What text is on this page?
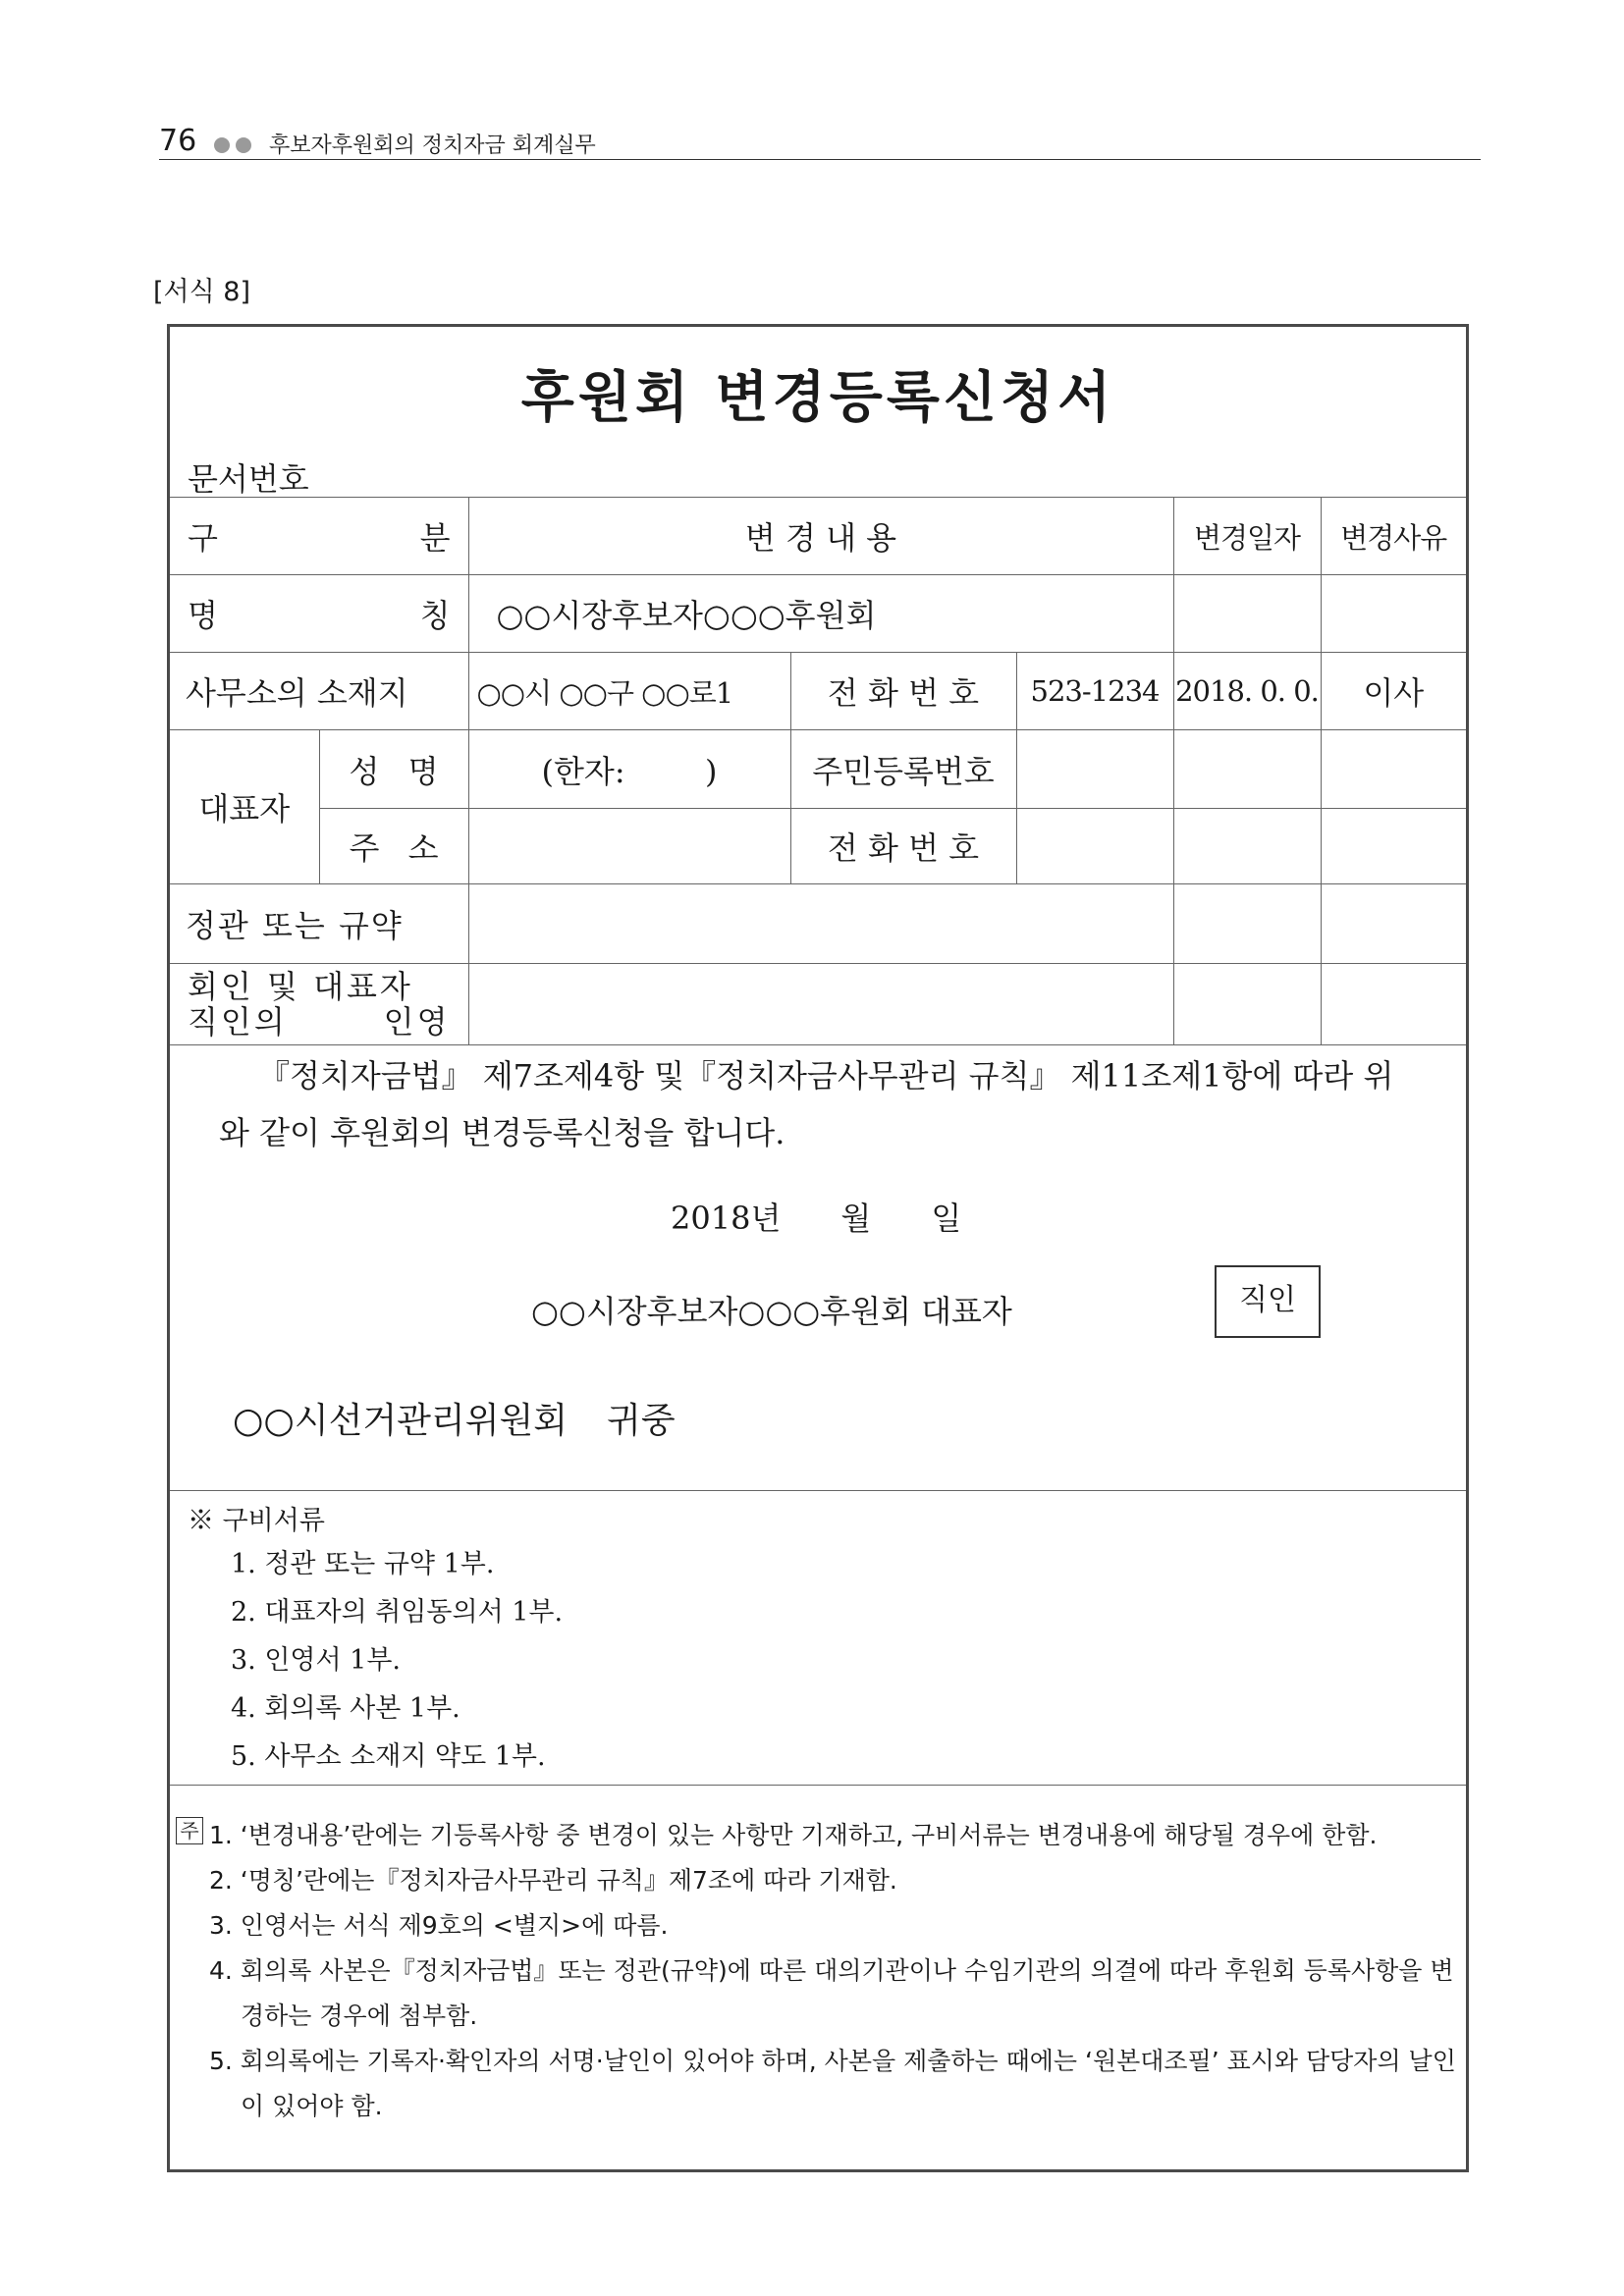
76	후보자후원회의 정치자금 회계실무
[서식 8]
후원회 변경등록신청서
문서번호
구 분		변 경 내 용			변경일자	변경사유

명 칭		○○시장후보자○○○후원회				
사무소의 소재지		○○시 ○○구 ○○로1	전 화 번 호	523-1234	2018. 0. 0.	이사
대표자	성 명	(한자:        )	주민등록번호			

	주 소		전 화 번 호			
정관 또는 규약						

회인 및 대표자
직인의 인영						

『정치자금법』 제7조제4항 및『정치자금사무관리 규칙』 제11조제1항에 따라 위
와 같이 후원회의 변경등록신청을 합니다.
2018년      월      일
○○시장후보자○○○후원회 대표자	직인
○○시선거관리위원회 귀중
※ 구비서류
1. 정관 또는 규약 1부.
2. 대표자의 취임동의서 1부.
3. 인영서 1부.
4. 회의록 사본 1부.
5. 사무소 소재지 약도 1부.
주 1. ‘변경내용’란에는 기등록사항 중 변경이 있는 사항만 기재하고, 구비서류는 변경내용에 해당될 경우에 한함.
2. ‘명칭’란에는『정치자금사무관리 규칙』제7조에 따라 기재함.
3. 인영서는 서식 제9호의 <별지>에 따름.
4. 회의록 사본은『정치자금법』또는 정관(규약)에 따른 대의기관이나 수임기관의 의결에 따라 후원회 등록사항을 변경하는 경우에 첨부함.
5. 회의록에는 기록자·확인자의 서명·날인이 있어야 하며, 사본을 제출하는 때에는 ‘원본대조필’ 표시와 담당자의 날인이 있어야 함.
